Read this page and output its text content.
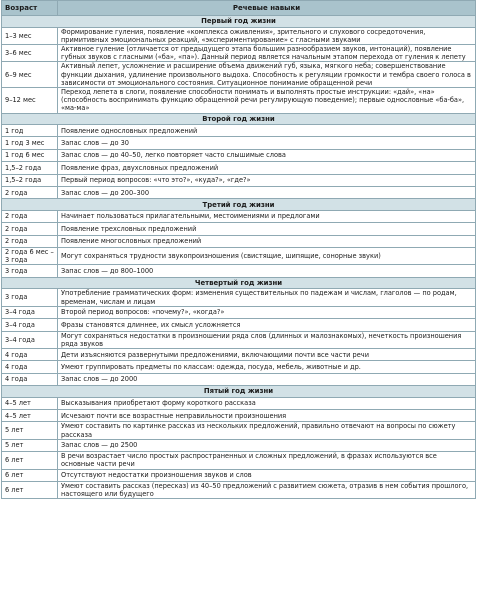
Возраст	Речевые навыки
Первый год жизни	
1–3 мес	Формирование гуления, появление «комплекса оживления», зрительного и слухового сосредоточения, примитивных эмоциональных реакций, «экспериментирование» с гласными звуками
3–6 мес	Активное гуление (отличается от предыдущего этапа большим разнообразием звуков, интонаций), появление губных звуков с гласными («ба», «па»). Данный период является начальным этапом перехода от гуления к лепету
6–9 мес	Активный лепет, усложнение и расширение объема движений губ, языка, мягкого неба; совершенствование функции дыхания, удлинение произвольного выдоха. Способность к регуляции громкости и тембра своего голоса в зависимости от эмоционального состояния. Ситуационное понимание обращенной речи
9–12 мес	Переход лепета в слоги, появление способности понимать и выполнять простые инструкции: «дай», «на» (способность воспринимать функцию обращенной речи регулирующую поведение); первые однословные «ба-ба», «ма-ма»
Второй год жизни	
1 год	Появление однословных предложений
1 год 3 мес	Запас слов — до 30
1 год 6 мес	Запас слов — до 40–50, легко повторяет часто слышимые слова
1,5–2 года	Появление фраз, двухсловных предложений
1,5–2 года	Первый период вопросов: «что это?», «куда?», «где?»
2 года	Запас слов — до 200–300
Третий год жизни	
2 года	Начинает пользоваться прилагательными, местоимениями и предлогами
2 года	Появление трехсловных предложений
2 года	Появление многословных предложений
2 года 6 мес – 3 года	Могут сохраняться трудности звукопроизношения (свистящие, шипящие, сонорные звуки)
3 года	Запас слов — до 800–1000
Четвертый год жизни	
3 года	Употребление грамматических форм: изменения существительных по падежам и числам, глаголов — по родам, временам, числам и лицам
3–4 года	Второй период вопросов: «почему?», «когда?»
3–4 года	Фразы становятся длиннее, их смысл усложняется
3–4 года	Могут сохраняться недостатки в произношении ряда слов (длинных и малознакомых), нечеткость произношения ряда звуков
4 года	Дети изъясняются развернутыми предложениями, включающими почти все части речи
4 года	Умеют группировать предметы по классам: одежда, посуда, мебель, животные и др.
4 года	Запас слов — до 2000
Пятый год жизни	
4–5 лет	Высказывания приобретают форму короткого рассказа
4–5 лет	Исчезают почти все возрастные неправильности произношения
5 лет	Умеют составить по картинке рассказ из нескольких предложений, правильно отвечают на вопросы по сюжету рассказа
5 лет	Запас слов — до 2500
6 лет	В речи возрастает число простых распространенных и сложных предложений, в фразах используются все основные части речи
6 лет	Отсутствуют недостатки произношения звуков и слов
6 лет	Умеют составить рассказ (пересказ) из 40–50 предложений с развитием сюжета, отразив в нем события прошлого, настоящего или будущего
